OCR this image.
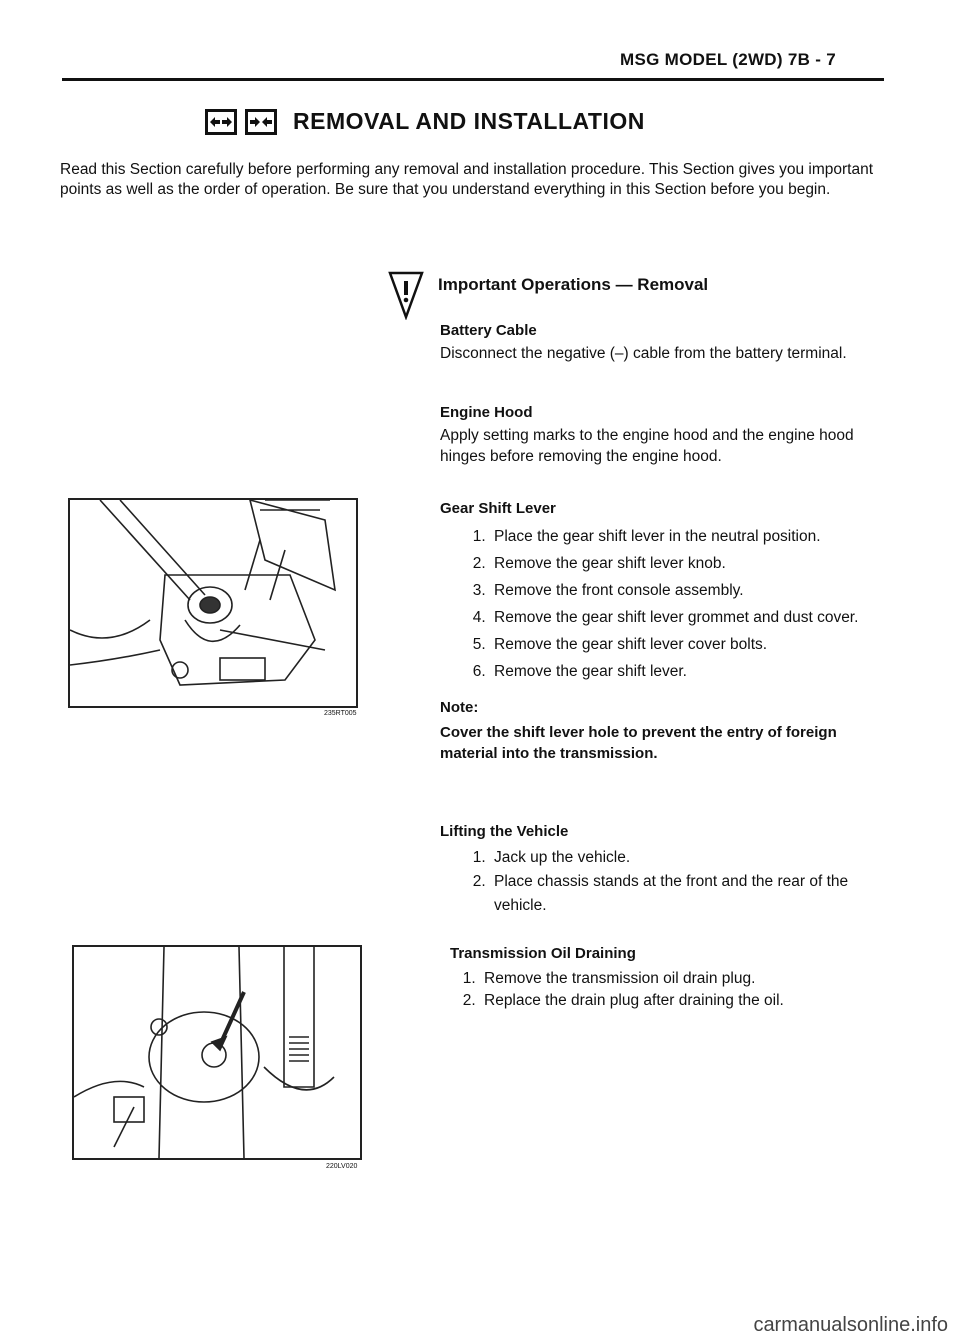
MSG MODEL (2WD) 7B - 7
REMOVAL AND INSTALLATION
Read this Section carefully before performing any removal and installation procedure. This Section gives you important points as well as the order of operation. Be sure that you understand everything in this Section before you begin.
Important Operations — Removal
Battery Cable
Disconnect the negative (–) cable from the battery terminal.
Engine Hood
Apply setting marks to the engine hood and the engine hood hinges before removing the engine hood.
Gear Shift Lever
1. Place the gear shift lever in the neutral position.
2. Remove the gear shift lever knob.
3. Remove the front console assembly.
4. Remove the gear shift lever grommet and dust cover.
5. Remove the gear shift lever cover bolts.
6. Remove the gear shift lever.
Note:
Cover the shift lever hole to prevent the entry of foreign material into the transmission.
Lifting the Vehicle
1. Jack up the vehicle.
2. Place chassis stands at the front and the rear of the vehicle.
Transmission Oil Draining
1. Remove the transmission oil drain plug.
2. Replace the drain plug after draining the oil.
235RT005
220LV020
carmanualsonline.info
